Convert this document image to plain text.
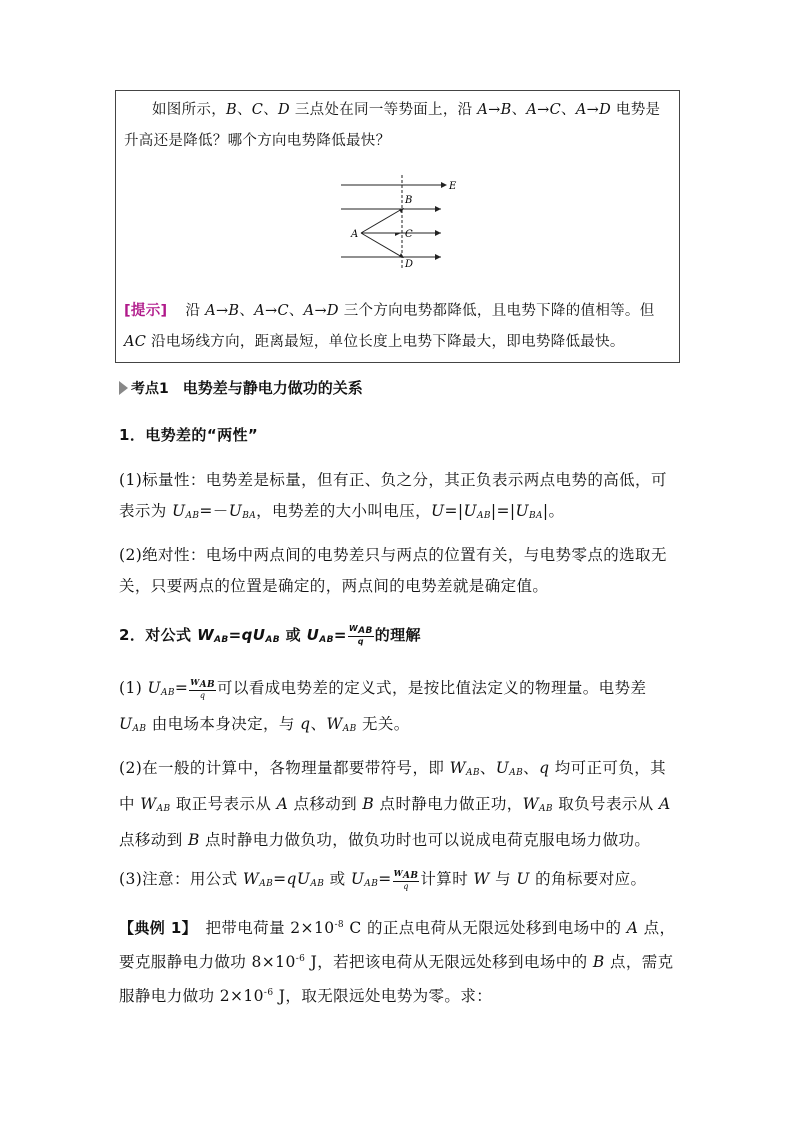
如图所示，B、C、D 三点处在同一等势面上，沿 A→B、A→C、A→D 电势是升高还是降低？哪个方向电势降低最快？
E
A
B
C
D
[提示] 沿 A→B、A→C、A→D 三个方向电势都降低，且电势下降的值相等。但 AC 沿电场线方向，距离最短，单位长度上电势下降最大，即电势降低最快。
考点1 电势差与静电力做功的关系
1．电势差的“两性”
(1)标量性：电势差是标量，但有正、负之分，其正负表示两点电势的高低，可表示为 $U_{AB}=-U_{BA}$，电势差的大小叫电压，$U=|U_{AB}|=|U_{BA}|$。
(2)绝对性：电场中两点间的电势差只与两点的位置有关，与电势零点的选取无关，只要两点的位置是确定的，两点间的电势差就是确定值。
2．对公式 $W_{AB}=qU_{AB}$ 或 $U_{AB}= \frac{W_{AB}}{q}$ 的理解
(1) $U_{AB}= \frac{W_{AB}}{q}$ 可以看成电势差的定义式，是按比值法定义的物理量。电势差 $U_{AB}$ 由电场本身决定，与 q、$W_{AB}$ 无关。
(2)在一般的计算中，各物理量都要带符号，即 $W_{AB}$、$U_{AB}$、q 均可正可负，其中 $W_{AB}$ 取正号表示从 A 点移动到 B 点时静电力做正功，$W_{AB}$ 取负号表示从 A 点移动到 B 点时静电力做负功，做负功时也可以说成电荷克服电场力做功。
(3)注意：用公式 $W_{AB}=qU_{AB}$ 或 $U_{AB}= \frac{W_{AB}}{q}$ 计算时 W 与 U 的角标要对应。
【典例 1】　把带电荷量 $2\times 10^{-8}$ C 的正点电荷从无限远处移到电场中的 A 点，要克服静电力做功 $8\times 10^{-6}$ J，若把该电荷从无限远处移到电场中的 B 点，需克服静电力做功 $2\times 10^{-6}$ J，取无限远处电势为零。求：
